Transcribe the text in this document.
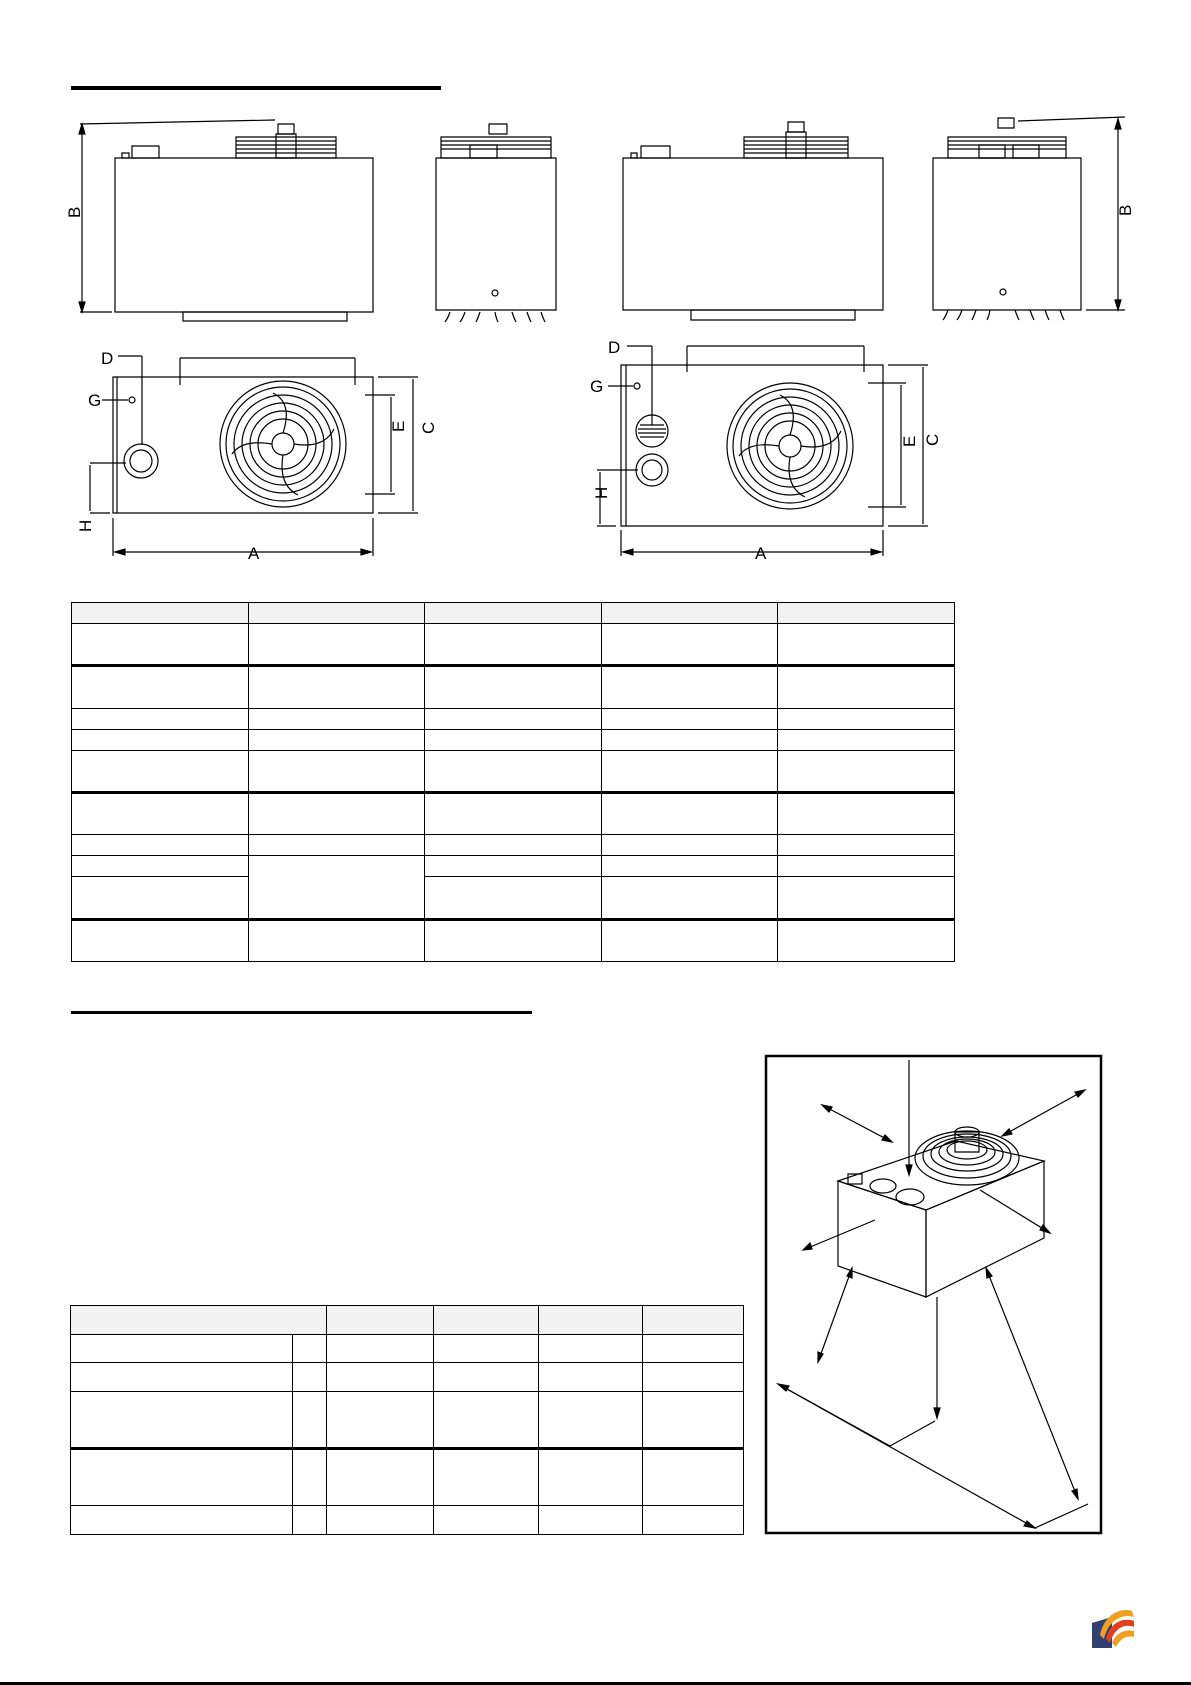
B	B
A
D
G
H
C
E
A
D
G
H
C
E
